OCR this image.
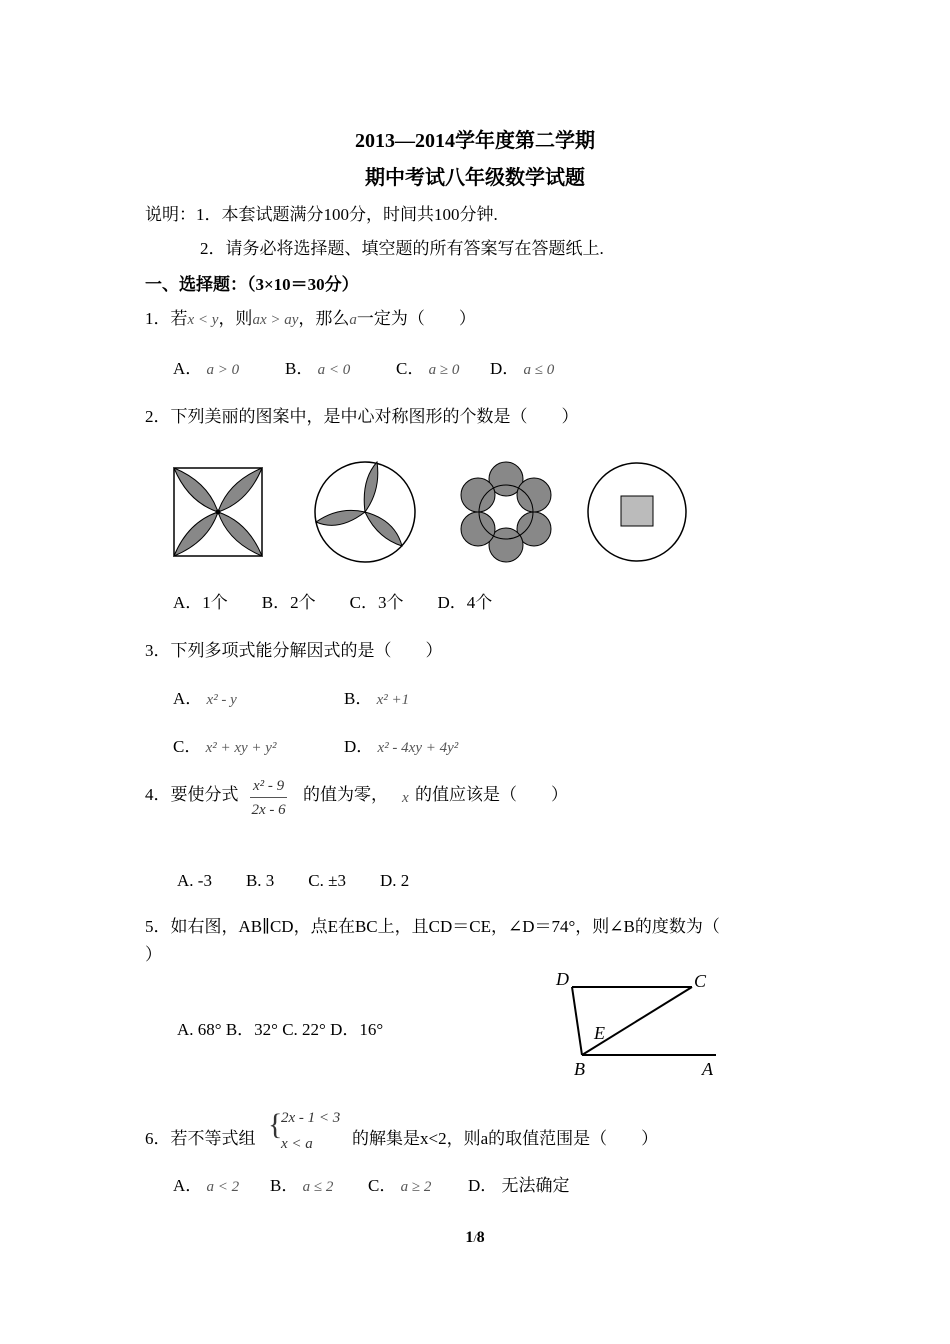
2013—2014学年度第二学期
期中考试八年级数学试题
说明：1．本套试题满分100分，时间共100分钟.
2．请务必将选择题、填空题的所有答案写在答题纸上.
一、选择题：（3×10＝30分）
1．若x < y，则ax > ay，那么a一定为（　　）
A． a > 0	B． a < 0	C． a ≥ 0 D． a ≤ 0
2．下列美丽的图案中，是中心对称图形的个数是（　　）
A．1个　　B．2个　　C．3个　　D．4个
3．下列多项式能分解因式的是（　　）
A． x² - y	B． x² +1
C． x² + xy + y²	D． x² - 4xy + 4y²
4．要使分式 x² - 9
2x - 6
的值为零， x 的值应该是（　　）
A. -3　　B. 3　　C. ±3　　D. 2
5．如右图，AB∥CD，点E在BC上，且CD＝CE，∠D＝74°，则∠B的度数为（
）
A. 68° B．32° C. 22° D．16°
D	C
E
B	A
6．若不等式组 {
2x - 1 < 3
x < a 的解集是x<2，则a的取值范围是（　　）
A． a < 2 B． a ≤ 2 C． a ≥ 2 D． 无法确定
1/8
